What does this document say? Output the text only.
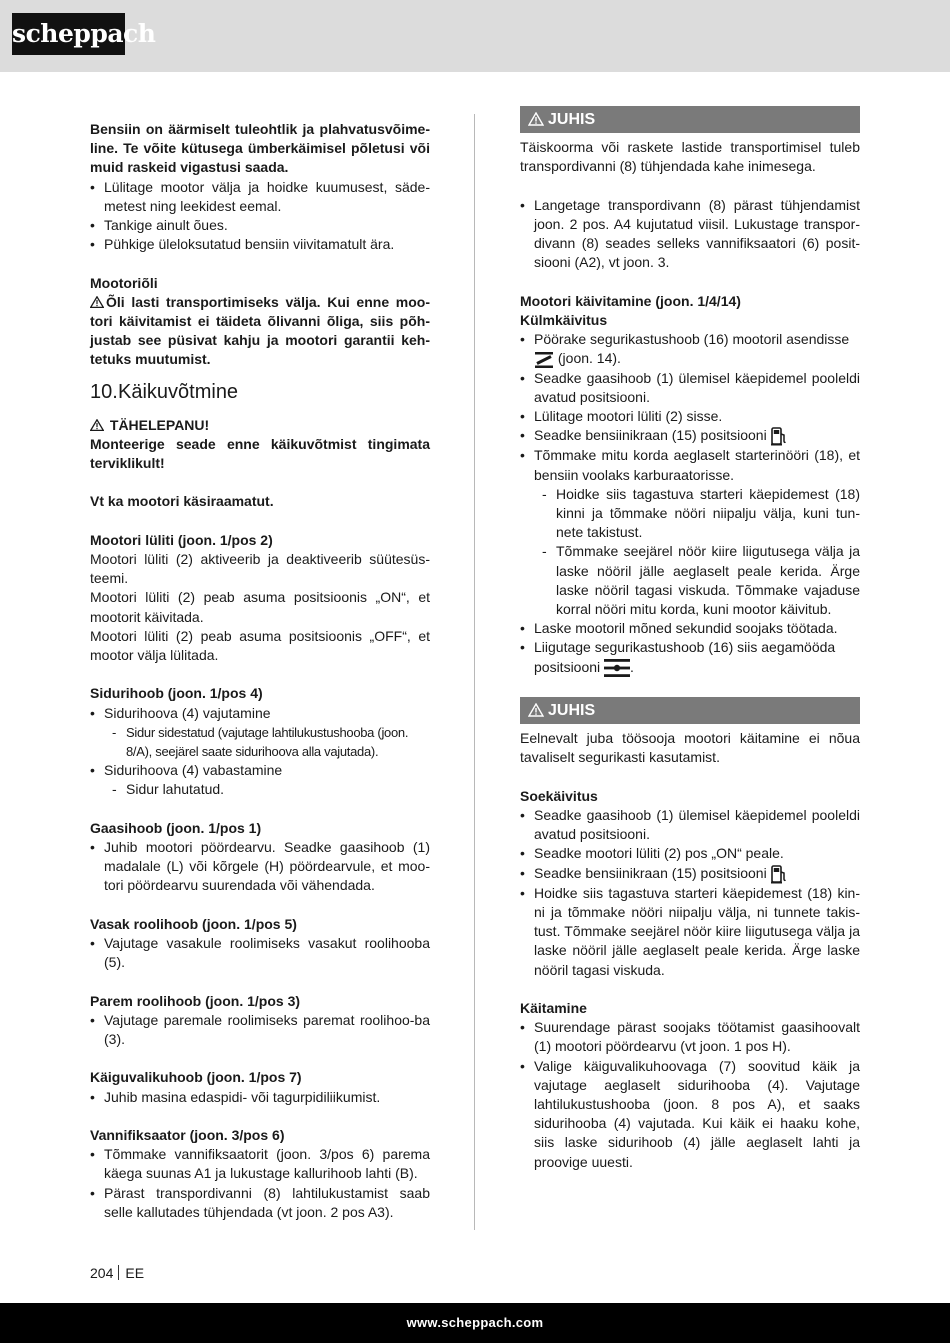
scheppach

Bensiin on äärmiselt tuleohtlik ja plahvatusvõime-line. Te võite kütusega ümberkäimisel põletusi või muid raskeid vigastusi saada.

• Lülitage mootor välja ja hoidke kuumusest, säde-metest ning leekidest eemal.
• Tankige ainult õues.
• Pühkige üleloksutatud bensiin viivitamatult ära.

Mootoriõli

Õli lasti transportimiseks välja. Kui enne moo-tori käivitamist ei täideta õlivanni õliga, siis põh-justab see püsivat kahju ja mootori garantii keh-tetuks muutumist.

10.Käikuvõtmine

TÄHELEPANU!

Monteerige seade enne käikuvõtmist tingimata terviklikult!

Vt ka mootori käsiraamatut.

Mootori lüliti (joon. 1/pos 2)

Mootori lüliti (2) aktiveerib ja deaktiveerib süütesüs-teemi.

Mootori lüliti (2) peab asuma positsioonis „ON“, et mootorit käivitada.

Mootori lüliti (2) peab asuma positsioonis „OFF“, et mootor välja lülitada.

Sidurihoob (joon. 1/pos 4)

• Sidurihoova (4) vajutamine
- Sidur sidestatud (vajutage lahtilukustushooba (joon. 8/A), seejärel saate sidurihoova alla vajutada).
• Sidurihoova (4) vabastamine
- Sidur lahutatud.

Gaasihoob (joon. 1/pos 1)

• Juhib mootori pöördearvu. Seadke gaasihoob (1) madalale (L) või kõrgele (H) pöördearvule, et moo-tori pöördearvu suurendada või vähendada.

Vasak roolihoob (joon. 1/pos 5)

• Vajutage vasakule roolimiseks vasakut roolihooba (5).

Parem roolihoob (joon. 1/pos 3)

• Vajutage paremale roolimiseks paremat roolihoo-ba (3).

Käiguvalikuhoob (joon. 1/pos 7)

• Juhib masina edaspidi- või tagurpidiliikumist.

Vannifiksaator (joon. 3/pos 6)

• Tõmmake vannifiksaatorit (joon. 3/pos 6) parema käega suunas A1 ja lukustage kallurihoob lahti (B).
• Pärast transpordivanni (8) lahtilukustamist saab selle kallutades tühjendada (vt joon. 2 pos A3).
JUHIS

Täiskoorma või raskete lastide transportimisel tuleb transpordivanni (8) tühjendada kahe inimesega.

• Langetage transpordivann (8) pärast tühjendamist joon. 2 pos. A4 kujutatud viisil. Lukustage transpor-divann (8) seades selleks vannifiksaatori (6) posit-siooni (A2), vt joon. 3.

Mootori käivitamine (joon. 1/4/14)

Külmkäivitus

• Pöörake segurikastushoob (16) mootoril asendisse
(joon. 14).
• Seadke gaasihoob (1) ülemisel käepidemel pooleldi avatud positsiooni.
• Lülitage mootori lüliti (2) sisse.
• Seadke bensiinikraan (15) positsiooni
• Tõmmake mitu korda aeglaselt starterinööri (18), et bensiin voolaks karburaatorisse.
- Hoidke siis tagastuva starteri käepidemest (18) kinni ja tõmmake nööri niipalju välja, kuni tun-nete takistust.
- Tõmmake seejärel nöör kiire liigutusega välja ja laske nööril jälle aeglaselt peale kerida. Ärge laske nööril tagasi viskuda. Tõmmake vajaduse korral nööri mitu korda, kuni mootor käivitub.
• Laske mootoril mõned sekundid soojaks töötada.
• Liigutage segurikastushoob (16) siis aegamööda positsiooni .
JUHIS

Eelnevalt juba töösooja mootori käitamine ei nõua tavaliselt segurikasti kasutamist.

Soekäivitus

• Seadke gaasihoob (1) ülemisel käepidemel pooleldi avatud positsiooni.
• Seadke mootori lüliti (2) pos „ON“ peale.
• Seadke bensiinikraan (15) positsiooni
• Hoidke siis tagastuva starteri käepidemest (18) kin-ni ja tõmmake nööri niipalju välja, ni tunnete takis-tust. Tõmmake seejärel nöör kiire liigutusega välja ja laske nööril jälle aeglaselt peale kerida. Ärge laske nööril tagasi viskuda.

Käitamine

• Suurendage pärast soojaks töötamist gaasihoovalt (1) mootori pöördearvu (vt joon. 1 pos H).
• Valige käiguvalikuhoovaga (7) soovitud käik ja vajutage aeglaselt sidurihooba (4). Vajutage lahtilukustushooba (joon. 8 pos A), et saaks sidurihooba (4) vajutada. Kui käik ei haaku kohe, siis laske sidurihoob (4) jälle aeglaselt lahti ja proovige uuesti.
204 EE
www.scheppach.com
